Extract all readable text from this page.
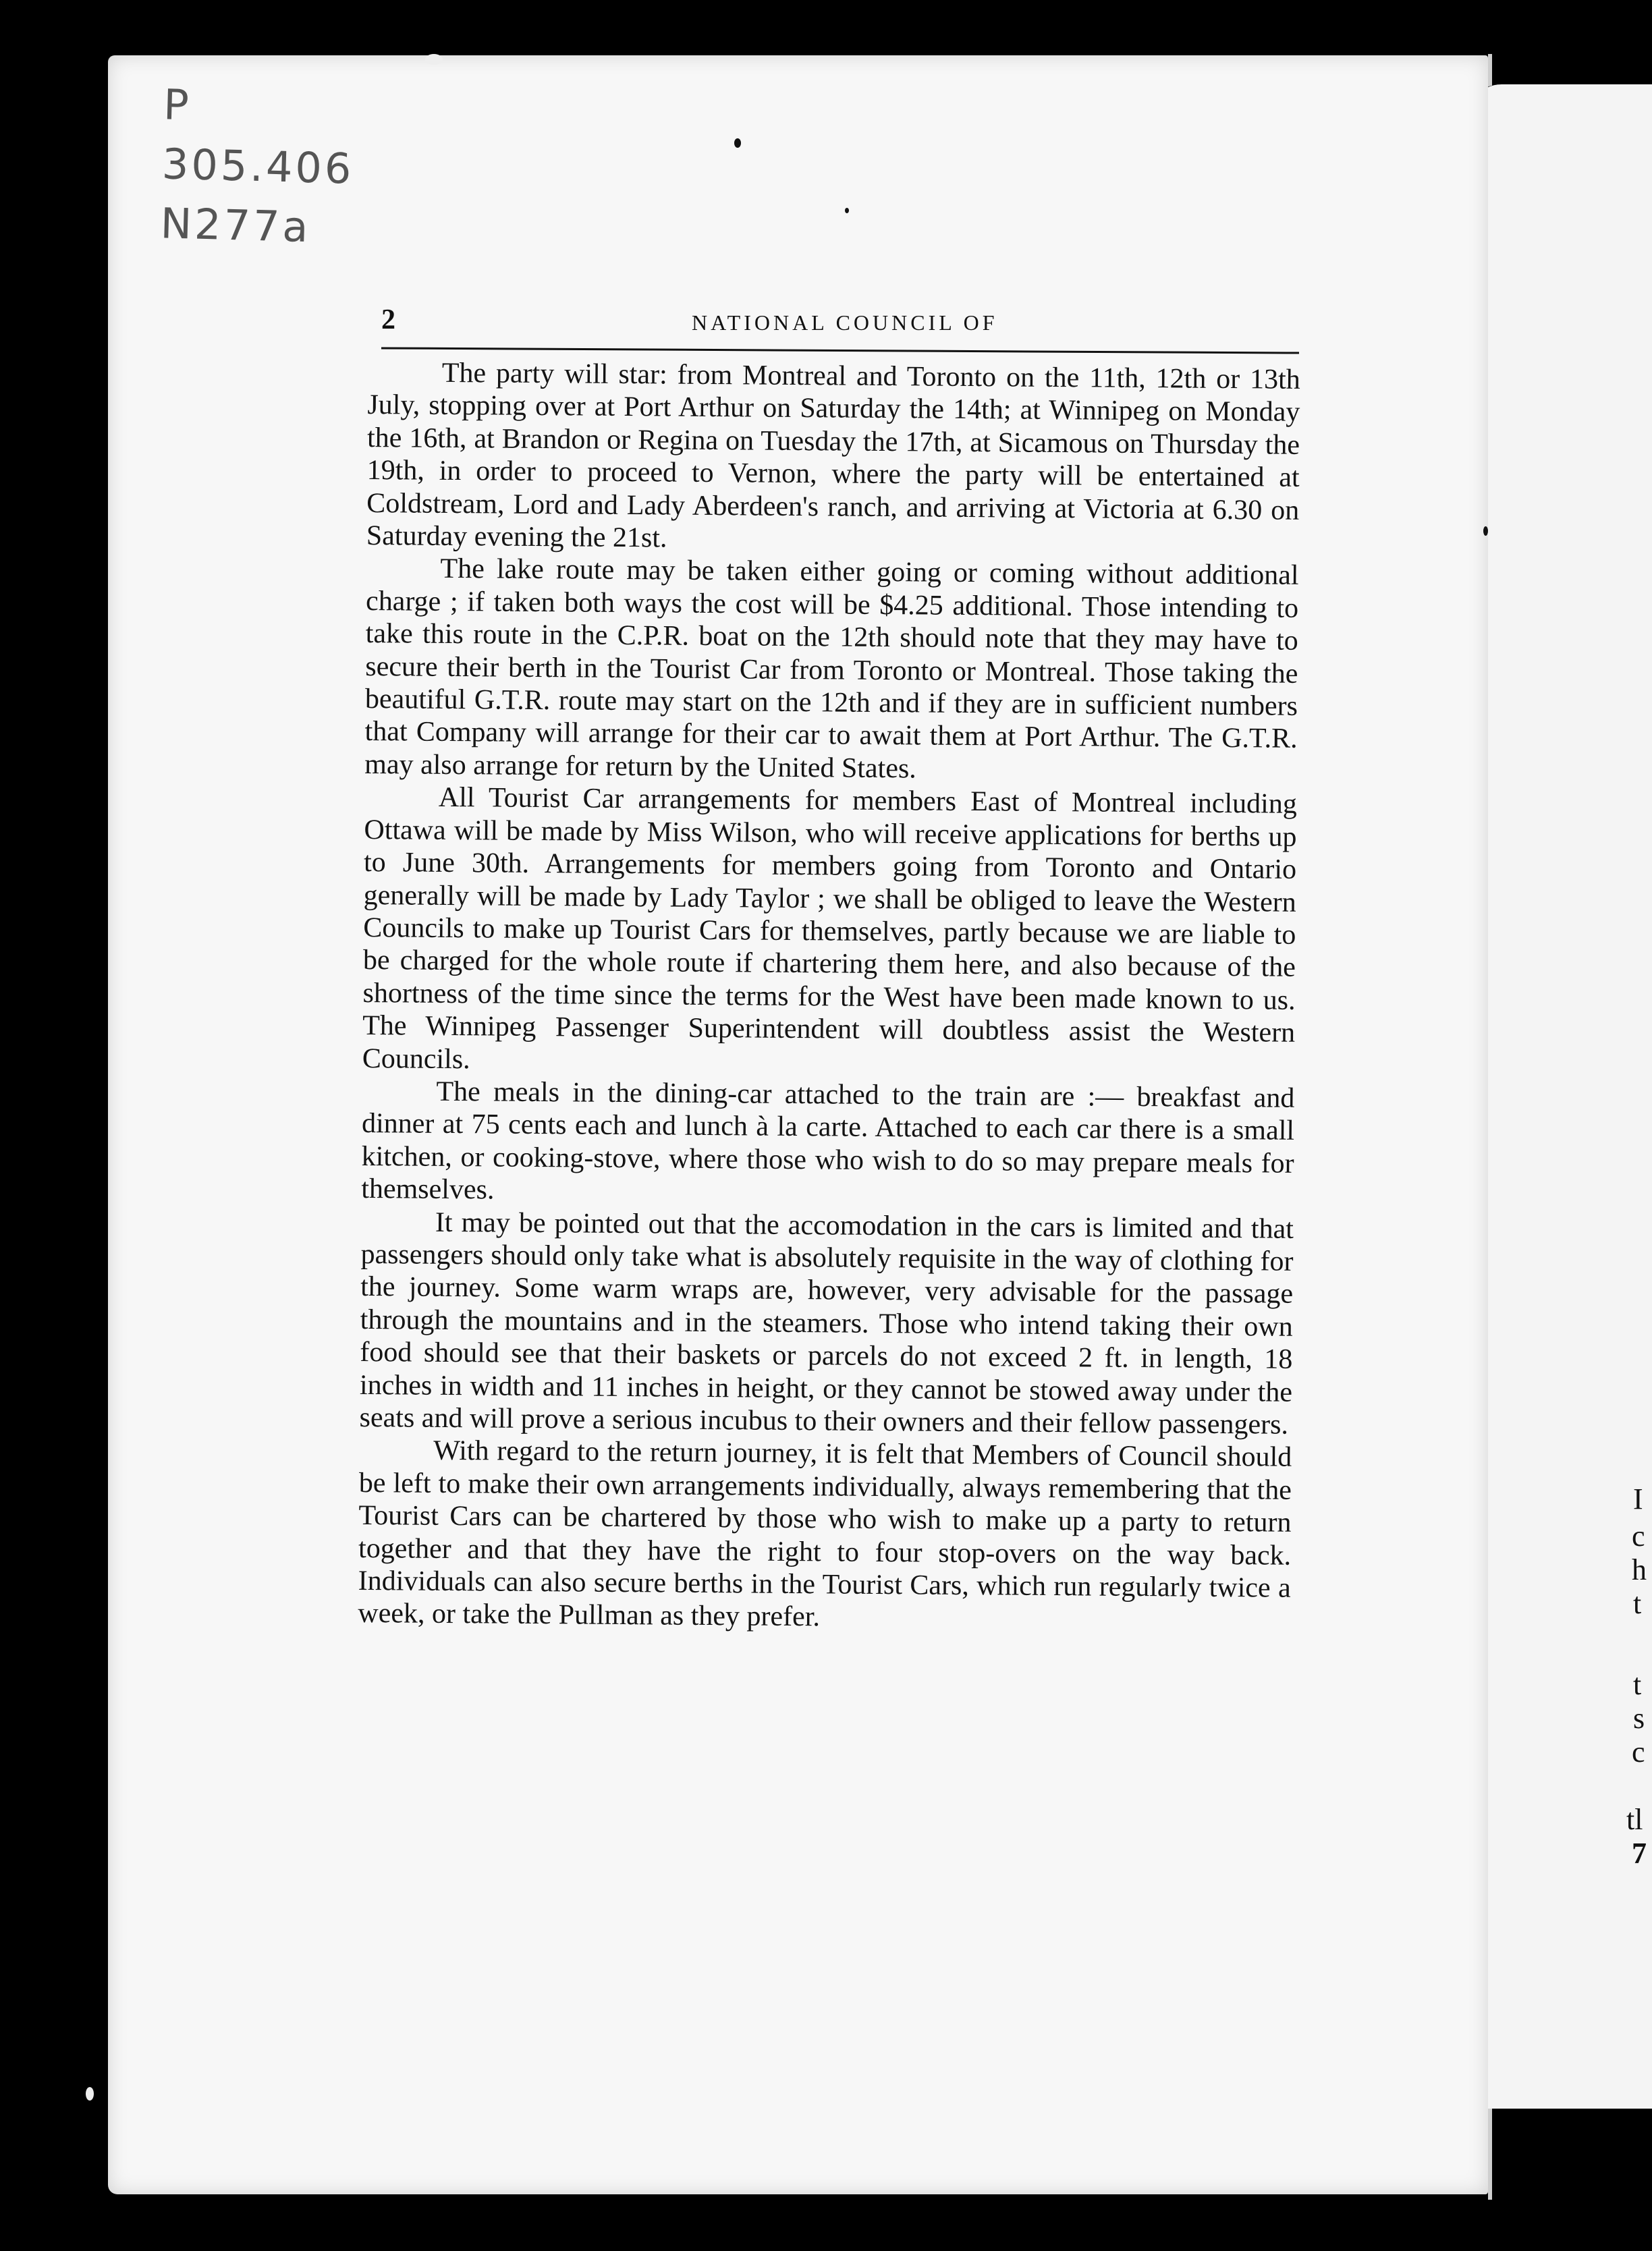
I
c
h
t
t
s
c
tl
7
P
305.406
N277a
2	NATIONAL COUNCIL OF

The party will star: from Montreal and Toronto on the 11th, 12th or 13th July, stopping over at Port Arthur on Saturday the 14th; at Winnipeg on Monday the 16th, at Brandon or Regina on Tuesday the 17th, at Sicamous on Thursday the 19th, in order to proceed to Vernon, where the party will be entertained at Coldstream, Lord and Lady Aberdeen's ranch, and arriving at Victoria at 6.30 on Saturday evening the 21st.

The lake route may be taken either going or coming without additional charge ; if taken both ways the cost will be $4.25 additional. Those intending to take this route in the C.P.R. boat on the 12th should note that they may have to secure their berth in the Tourist Car from Toronto or Montreal. Those taking the beautiful G.T.R. route may start on the 12th and if they are in sufficient numbers that Company will arrange for their car to await them at Port Arthur. The G.T.R. may also arrange for return by the United States.

All Tourist Car arrangements for members East of Montreal including Ottawa will be made by Miss Wilson, who will receive applications for berths up to June 30th. Arrangements for members going from Toronto and Ontario generally will be made by Lady Taylor ; we shall be obliged to leave the Western Councils to make up Tourist Cars for themselves, partly because we are liable to be charged for the whole route if chartering them here, and also because of the shortness of the time since the terms for the West have been made known to us. The Winnipeg Passenger Superintendent will doubtless assist the Western Councils.

The meals in the dining-car attached to the train are :— breakfast and dinner at 75 cents each and lunch à la carte. Attached to each car there is a small kitchen, or cooking-stove, where those who wish to do so may prepare meals for themselves.

It may be pointed out that the accomodation in the cars is limited and that passengers should only take what is absolutely requisite in the way of clothing for the journey. Some warm wraps are, however, very advisable for the passage through the mountains and in the steamers. Those who intend taking their own food should see that their baskets or parcels do not exceed 2 ft. in length, 18 inches in width and 11 inches in height, or they cannot be stowed away under the seats and will prove a serious incubus to their owners and their fellow passengers.

With regard to the return journey, it is felt that Members of Council should be left to make their own arrangements individually, always remembering that the Tourist Cars can be chartered by those who wish to make up a party to return together and that they have the right to four stop-overs on the way back. Individuals can also secure berths in the Tourist Cars, which run regularly twice a week, or take the Pullman as they prefer.
